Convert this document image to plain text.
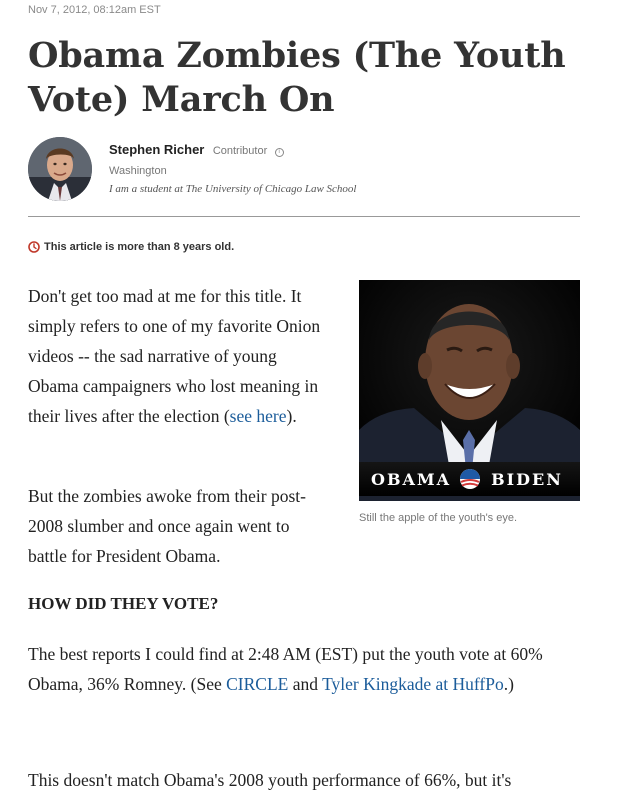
Nov 7, 2012, 08:12am EST
Obama Zombies (The Youth Vote) March On
Stephen Richer Contributor i
Washington
I am a student at The University of Chicago Law School
This article is more than 8 years old.

Don't get too mad at me for this title. It simply refers to one of my favorite Onion videos -- the sad narrative of young Obama campaigners who lost meaning in their lives after the election (see here).

But the zombies awoke from their post-2008 slumber and once again went to battle for President Obama.

OBAMA	BIDEN
Still the apple of the youth's eye.

HOW DID THEY VOTE?

The best reports I could find at 2:48 AM (EST) put the youth vote at 60% Obama, 36% Romney. (See CIRCLE and Tyler Kingkade at HuffPo.)

This doesn't match Obama's 2008 youth performance of 66%, but it's
